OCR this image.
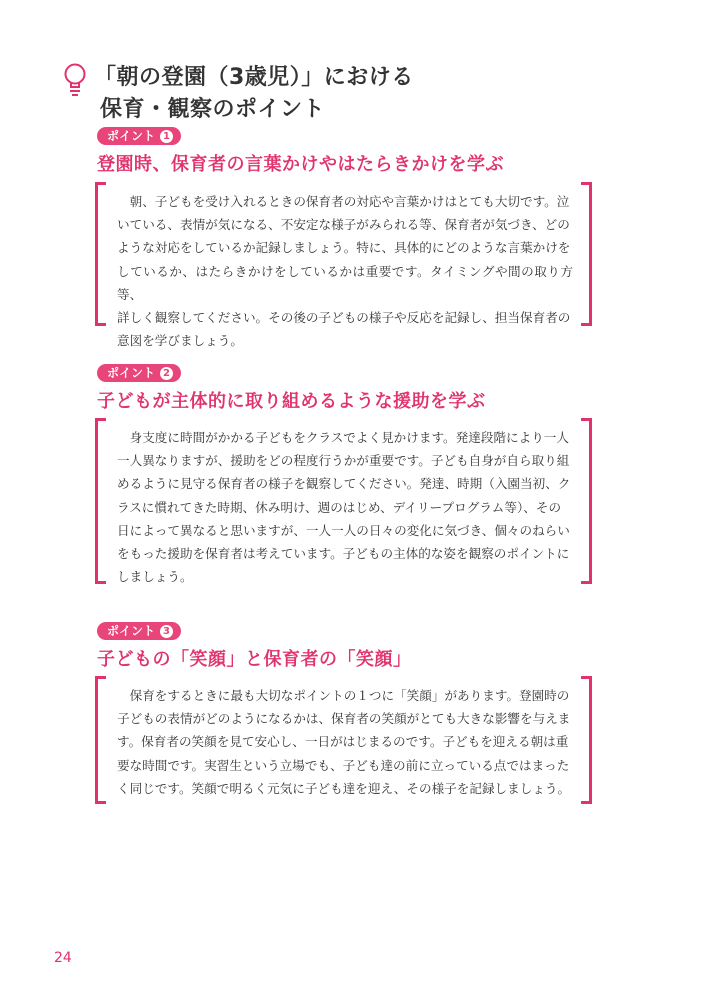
「朝の登園（3歳児）」における
保育・観察のポイント
ポイント 1
登園時、保育者の言葉かけやはたらきかけを学ぶ
　朝、子どもを受け入れるときの保育者の対応や言葉かけはとても大切です。泣
いている、表情が気になる、不安定な様子がみられる等、保育者が気づき、どの
ような対応をしているか記録しましょう。特に、具体的にどのような言葉かけを
しているか、はたらきかけをしているかは重要です。タイミングや間の取り方等、
詳しく観察してください。その後の子どもの様子や反応を記録し、担当保育者の
意図を学びましょう。
ポイント 2
子どもが主体的に取り組めるような援助を学ぶ
　身支度に時間がかかる子どもをクラスでよく見かけます。発達段階により一人
一人異なりますが、援助をどの程度行うかが重要です。子ども自身が自ら取り組
めるように見守る保育者の様子を観察してください。発達、時期（入園当初、ク
ラスに慣れてきた時期、休み明け、週のはじめ、デイリープログラム等）、その
日によって異なると思いますが、一人一人の日々の変化に気づき、個々のねらい
をもった援助を保育者は考えています。子どもの主体的な姿を観察のポイントに
しましょう。
ポイント 3
子どもの「笑顔」と保育者の「笑顔」
　保育をするときに最も大切なポイントの１つに「笑顔」があります。登園時の
子どもの表情がどのようになるかは、保育者の笑顔がとても大きな影響を与えま
す。保育者の笑顔を見て安心し、一日がはじまるのです。子どもを迎える朝は重
要な時間です。実習生という立場でも、子ども達の前に立っている点ではまった
く同じです。笑顔で明るく元気に子ども達を迎え、その様子を記録しましょう。
24
